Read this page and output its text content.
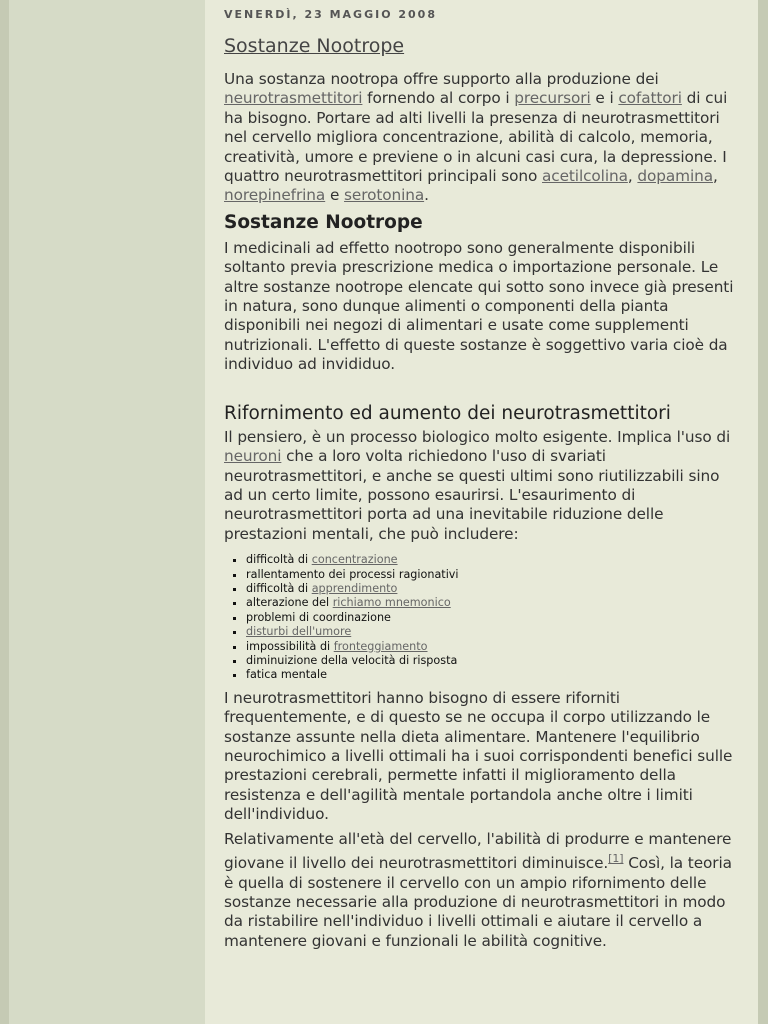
VENERDÌ, 23 MAGGIO 2008
Sostanze Nootrope

Una sostanza nootropa offre supporto alla produzione dei
neurotrasmettitori fornendo al corpo i precursori e i cofattori di cui ha bisogno. Portare ad alti livelli la presenza di neurotrasmettitori nel cervello migliora concentrazione, abilità di calcolo, memoria, creatività, umore e previene o in alcuni casi cura, la depressione. I quattro neurotrasmettitori principali sono acetilcolina, dopamina, norepinefrina e serotonina.

Sostanze Nootrope

I medicinali ad effetto nootropo sono generalmente disponibili soltanto previa prescrizione medica o importazione personale. Le altre sostanze nootrope elencate qui sotto sono invece già presenti in natura, sono dunque alimenti o componenti della pianta disponibili nei negozi di alimentari e usate come supplementi nutrizionali. L'effetto di queste sostanze è soggettivo varia cioè da individuo ad invididuo.

Rifornimento ed aumento dei neurotrasmettitori

Il pensiero, è un processo biologico molto esigente. Implica l'uso di neuroni che a loro volta richiedono l'uso di svariati neurotrasmettitori, e anche se questi ultimi sono riutilizzabili sino ad un certo limite, possono esaurirsi. L'esaurimento di neurotrasmettitori porta ad una inevitabile riduzione delle prestazioni mentali, che può includere:

▪ difficoltà di concentrazione
▪ rallentamento dei processi ragionativi
▪ difficoltà di apprendimento
▪ alterazione del richiamo mnemonico
▪ problemi di coordinazione
▪ disturbi dell'umore
▪ impossibilità di fronteggiamento
▪ diminuizione della velocità di risposta
▪ fatica mentale

I neurotrasmettitori hanno bisogno di essere riforniti frequentemente, e di questo se ne occupa il corpo utilizzando le sostanze assunte nella dieta alimentare. Mantenere l'equilibrio neurochimico a livelli ottimali ha i suoi corrispondenti benefici sulle prestazioni cerebrali, permette infatti il miglioramento della resistenza e dell'agilità mentale portandola anche oltre i limiti dell'individuo.

Relativamente all'età del cervello, l'abilità di produrre e mantenere giovane il livello dei neurotrasmettitori diminuisce.[1] Così, la teoria è quella di sostenere il cervello con un ampio rifornimento delle sostanze necessarie alla produzione di neurotrasmettitori in modo da ristabilire nell'individuo i livelli ottimali e aiutare il cervello a mantenere giovani e funzionali le abilità cognitive.
